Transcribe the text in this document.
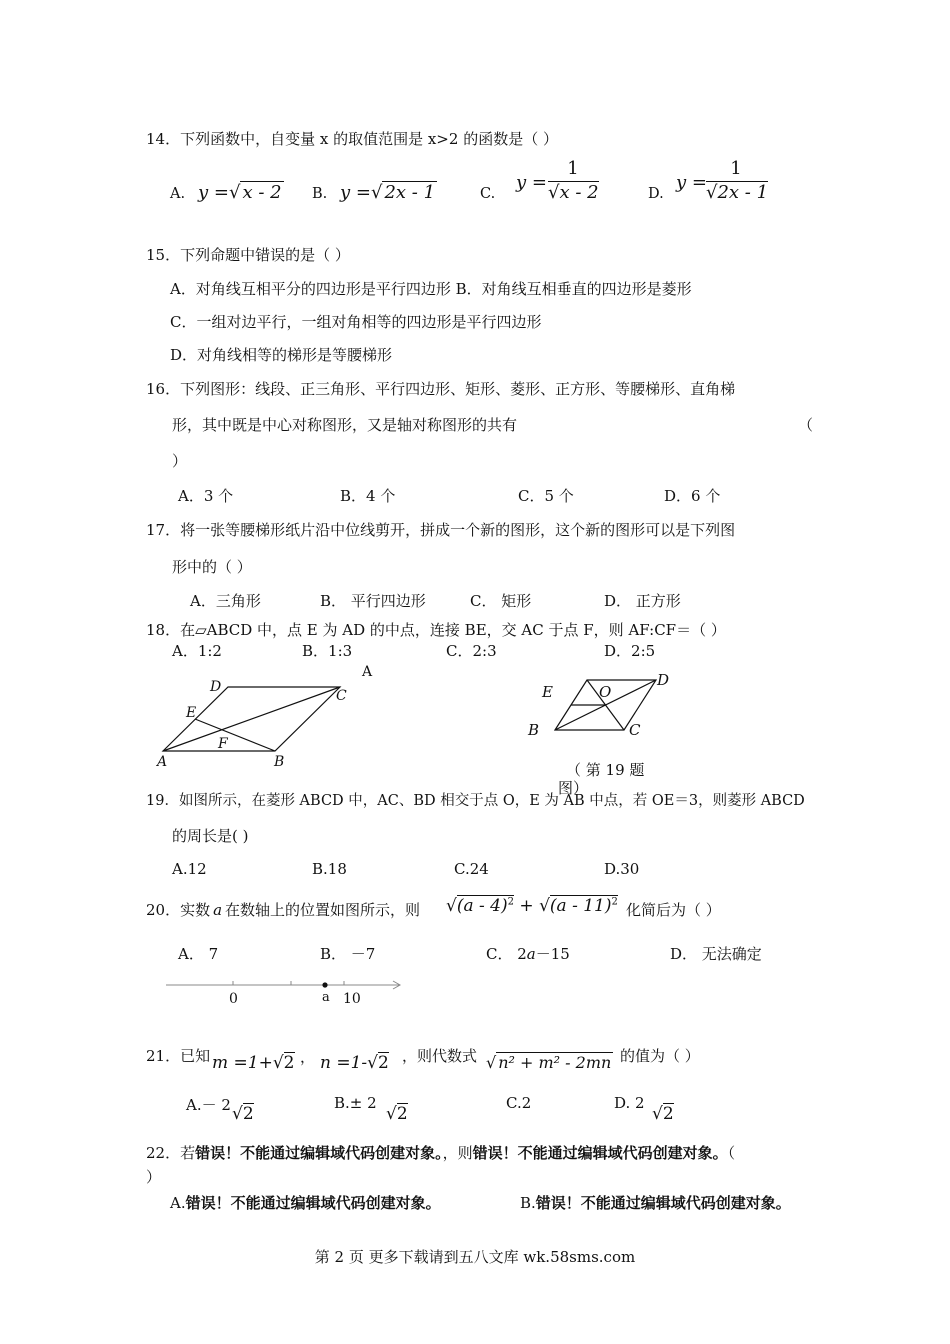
14．下列函数中，自变量 x 的取值范围是 x>2 的函数是（ ）
A. y =√ x - 2 B. y =√ 2x - 1	C.
y =
1
√x - 2	D.
y =
1
√2x - 1
15．下列命题中错误的是（ ）
A．对角线互相平分的四边形是平行四边形 B．对角线互相垂直的四边形是菱形
C．一组对边平行，一组对角相等的四边形是平行四边形
D．对角线相等的梯形是等腰梯形
16．下列图形：线段、正三角形、平行四边形、矩形、菱形、正方形、等腰梯形、直角梯
形，其中既是中心对称图形，又是轴对称图形的共有	（
）
A．3 个	B．4 个	C．5 个	D．6 个
17．将一张等腰梯形纸片沿中位线剪开，拼成一个新的图形，这个新的图形可以是下列图
形中的（ ）
A．三角形	B． 平行四边形	C． 矩形	D． 正方形
18．在▱ABCD 中，点 E 为 AD 的中点，连接 BE，交 AC 于点 F，则 AF:CF＝（ ）
A．1:2	B．1:3	C．2:3	D．2:5
D
C
E
F
A	B
A
E	O
D
B	C
（ 第 19 题
图）
19．如图所示，在菱形 ABCD 中，AC、BD 相交于点 O，E 为 AB 中点，若 OE＝3，则菱形 ABCD
的周长是( )
A.12	B.18	C.24	D.30
20．实数 a 在数轴上的位置如图所示，则 √(a - 4)$^2$ + √(a - 11)$^2$ 化简后为（ ）
A． 7	B． －7	C． 2a－15	D． 无法确定
0	a 10
21．已知 m =1+√2 ， n =1-√2 ，则代数式 √ n² + m² - 2mn 的值为（ ）
A.－ 2 √2
B.± 2
√2
C.2	D. 2
√2
22．若错误！不能通过编辑域代码创建对象。，则错误！不能通过编辑域代码创建对象。（
）
A.错误！不能通过编辑域代码创建对象。	B.错误！不能通过编辑域代码创建对象。
第 2 页 更多下载请到五八文库 wk.58sms.com
